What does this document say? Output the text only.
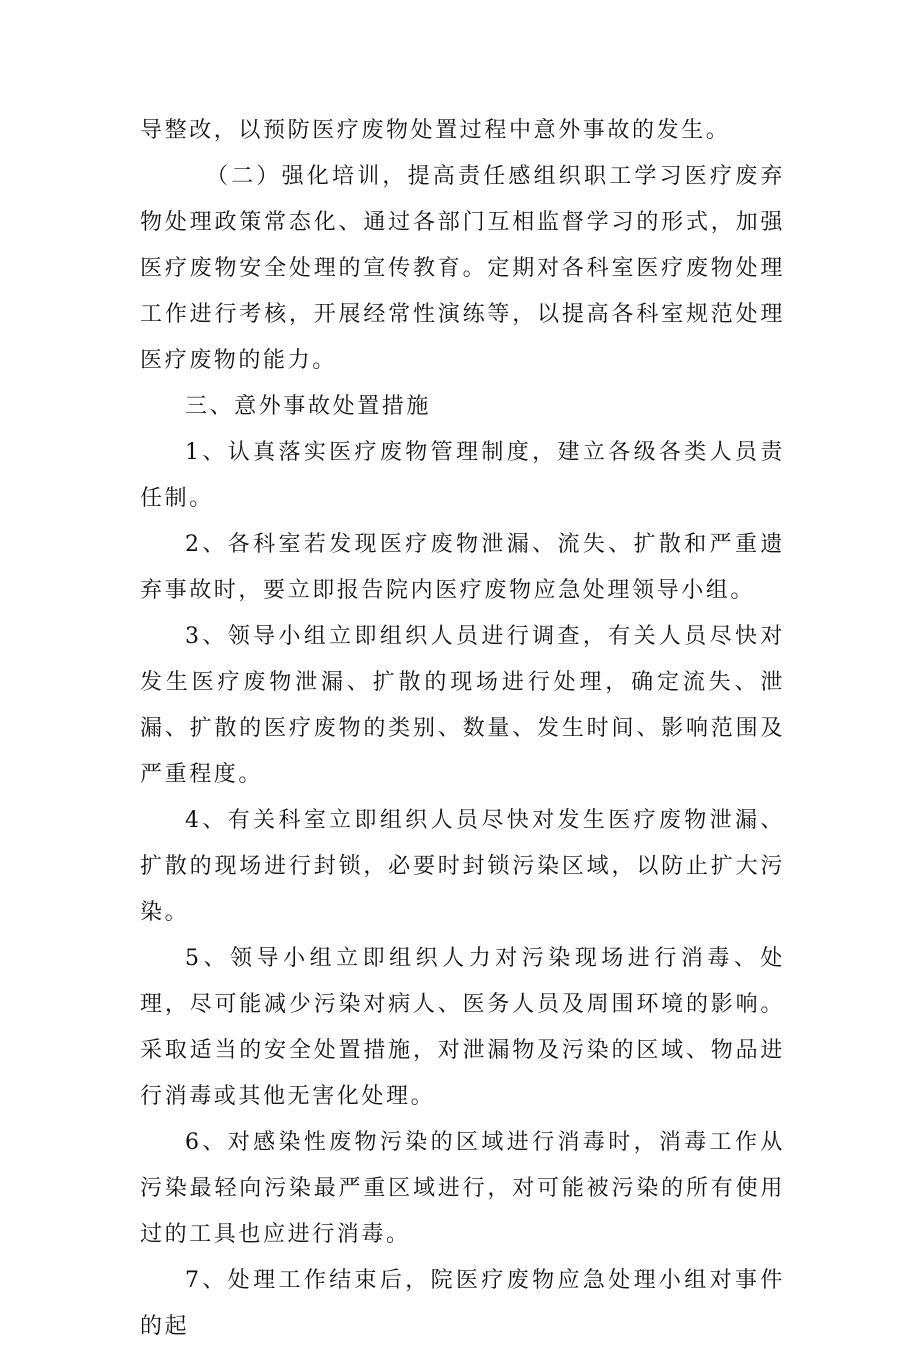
导整改，以预防医疗废物处置过程中意外事故的发生。

（二）强化培训，提高责任感组织职工学习医疗废弃物处理政策常态化、通过各部门互相监督学习的形式，加强医疗废物安全处理的宣传教育。定期对各科室医疗废物处理工作进行考核，开展经常性演练等，以提高各科室规范处理医疗废物的能力。

三、意外事故处置措施

1、认真落实医疗废物管理制度，建立各级各类人员责任制。

2、各科室若发现医疗废物泄漏、流失、扩散和严重遗弃事故时，要立即报告院内医疗废物应急处理领导小组。

3、领导小组立即组织人员进行调查，有关人员尽快对发生医疗废物泄漏、扩散的现场进行处理，确定流失、泄漏、扩散的医疗废物的类别、数量、发生时间、影响范围及严重程度。

4、有关科室立即组织人员尽快对发生医疗废物泄漏、扩散的现场进行封锁，必要时封锁污染区域，以防止扩大污染。

5、领导小组立即组织人力对污染现场进行消毒、处理，尽可能减少污染对病人、医务人员及周围环境的影响。采取适当的安全处置措施，对泄漏物及污染的区域、物品进行消毒或其他无害化处理。

6、对感染性废物污染的区域进行消毒时，消毒工作从污染最轻向污染最严重区域进行，对可能被污染的所有使用过的工具也应进行消毒。

7、处理工作结束后，院医疗废物应急处理小组对事件的起
